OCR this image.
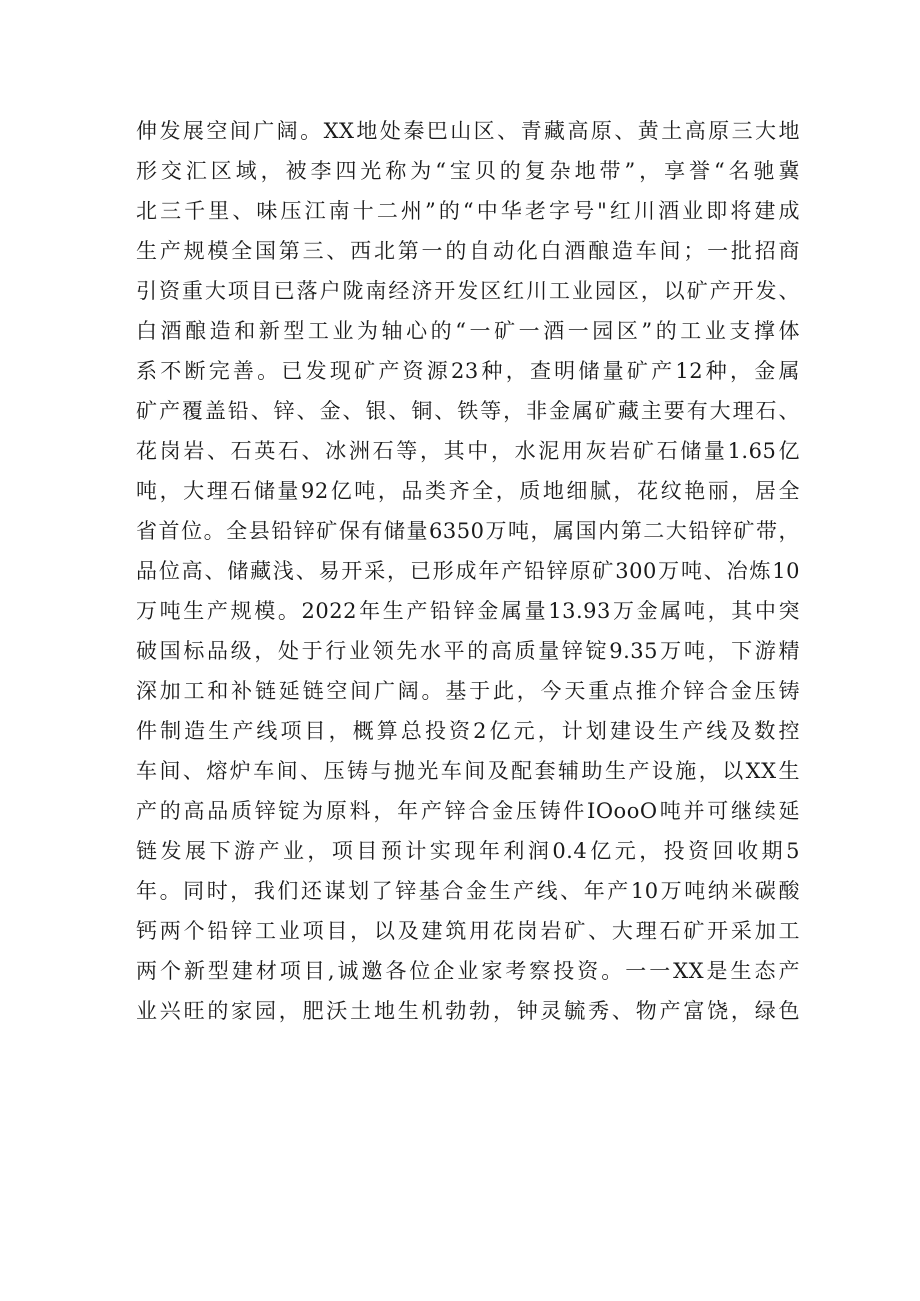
伸发展空间广阔。XX地处秦巴山区、青藏高原、黄土高原三大地
形交汇区域，被李四光称为“宝贝的复杂地带”，享誉“名驰冀
北三千里、味压江南十二州”的“中华老字号"红川酒业即将建成
生产规模全国第三、西北第一的自动化白酒酿造车间；一批招商
引资重大项目已落户陇南经济开发区红川工业园区，以矿产开发、
白酒酿造和新型工业为轴心的“一矿一酒一园区”的工业支撑体
系不断完善。已发现矿产资源23种，查明储量矿产12种，金属
矿产覆盖铅、锌、金、银、铜、铁等，非金属矿藏主要有大理石、
花岗岩、石英石、冰洲石等，其中，水泥用灰岩矿石储量1.65亿
吨，大理石储量92亿吨，品类齐全，质地细腻，花纹艳丽，居全
省首位。全县铅锌矿保有储量6350万吨，属国内第二大铅锌矿带，
品位高、储藏浅、易开采，已形成年产铅锌原矿300万吨、冶炼10
万吨生产规模。2022年生产铅锌金属量13.93万金属吨，其中突
破国标品级，处于行业领先水平的高质量锌锭9.35万吨，下游精
深加工和补链延链空间广阔。基于此，今天重点推介锌合金压铸
件制造生产线项目，概算总投资2亿元，计划建设生产线及数控
车间、熔炉车间、压铸与抛光车间及配套辅助生产设施，以XX生
产的高品质锌锭为原料，年产锌合金压铸件IOooO吨并可继续延
链发展下游产业，项目预计实现年利润0.4亿元，投资回收期5
年。同时，我们还谋划了锌基合金生产线、年产10万吨纳米碳酸
钙两个铅锌工业项目，以及建筑用花岗岩矿、大理石矿开采加工
两个新型建材项目,诚邀各位企业家考察投资。一一XX是生态产
业兴旺的家园，肥沃土地生机勃勃，钟灵毓秀、物产富饶，绿色
